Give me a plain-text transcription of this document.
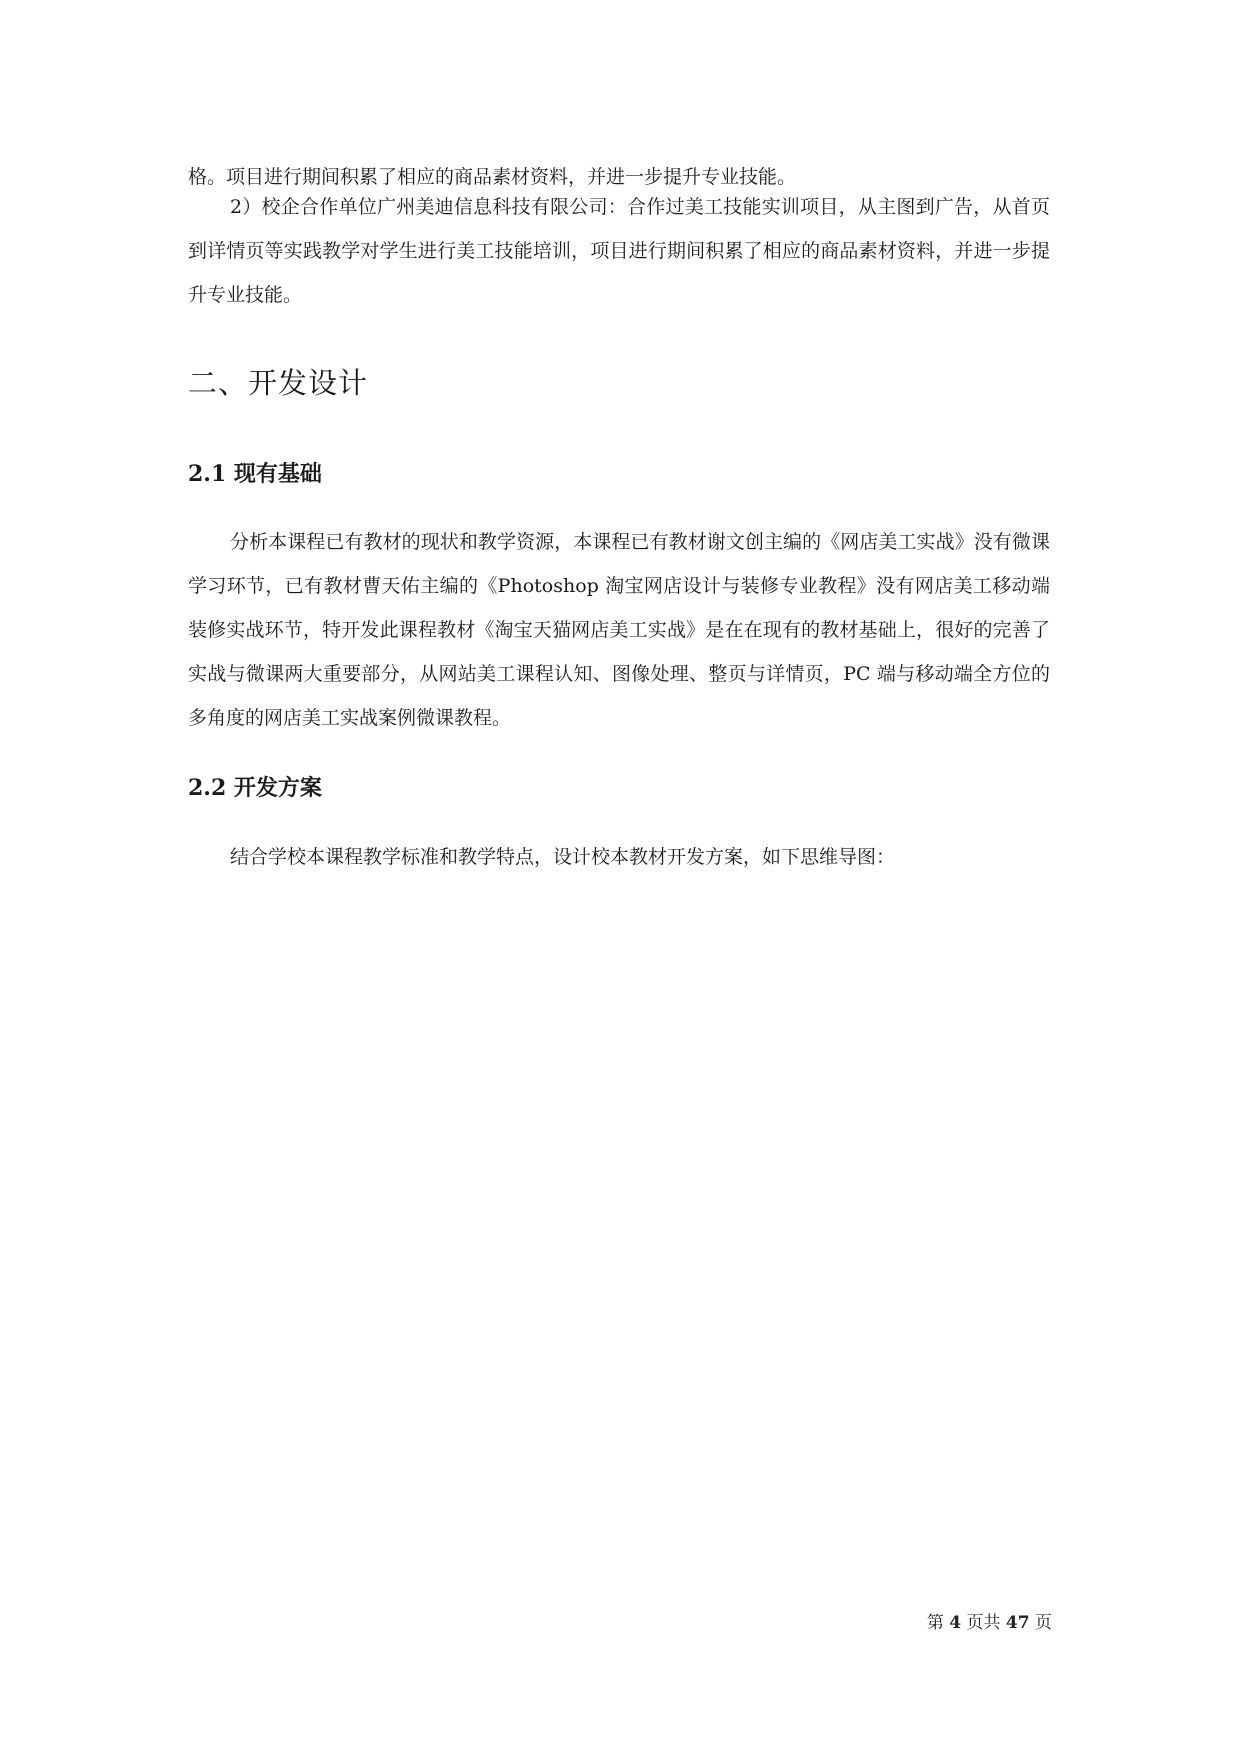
格。项目进行期间积累了相应的商品素材资料，并进一步提升专业技能。

2）校企合作单位广州美迪信息科技有限公司：合作过美工技能实训项目，从主图到广告，从首页到详情页等实践教学对学生进行美工技能培训，项目进行期间积累了相应的商品素材资料，并进一步提升专业技能。

二、开发设计
2.1 现有基础

分析本课程已有教材的现状和教学资源，本课程已有教材谢文创主编的《网店美工实战》没有微课学习环节，已有教材曹天佑主编的《Photoshop 淘宝网店设计与装修专业教程》没有网店美工移动端装修实战环节，特开发此课程教材《淘宝天猫网店美工实战》是在在现有的教材基础上，很好的完善了实战与微课两大重要部分，从网站美工课程认知、图像处理、整页与详情页，PC 端与移动端全方位的多角度的网店美工实战案例微课教程。

2.2 开发方案

结合学校本课程教学标准和教学特点，设计校本教材开发方案，如下思维导图：

第 4 页共 47 页
